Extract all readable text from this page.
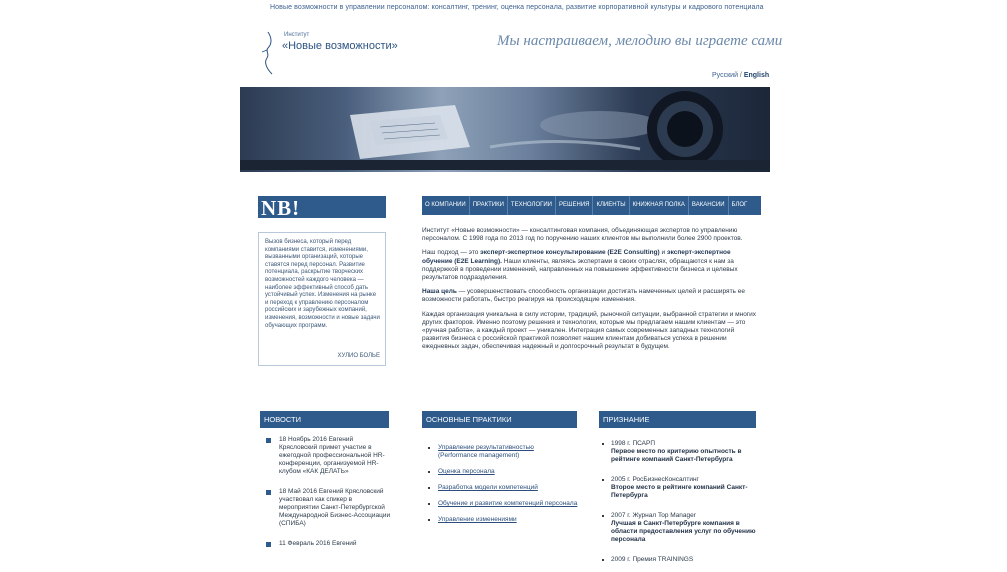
Новые возможности в управлении персоналом: консалтинг, тренинг, оценка персонала, развитие корпоративной культуры и кадрового потенциала
Институт
«Новые возможности»	Мы настраиваем, мелодию вы играете сами
Русский / English
NB!
Вызов бизнеса, который перед компаниями ставится, изменениями, вызванными организаций, которые ставятся перед персонал. Развитие потенциала, раскрытие творческих возможностей каждого человека — наиболее эффективный способ дать устойчивый успех. Изменения на рынке и переход к управлению персоналом российских и зарубежных компаний, изменения, возможности и новые задачи обучающих программ.
ХУЛИО БОЛЬЕ
О КОМПАНИИ	ПРАКТИКИ	ТЕХНОЛОГИИ	РЕШЕНИЯ	КЛИЕНТЫ	КНИЖНАЯ ПОЛКА	ВАКАНСИИ	БЛОГ

Институт «Новые возможности» — консалтинговая компания, объединяющая экспертов по управлению персоналом. С 1998 года по 2013 год по поручению наших клиентов мы выполнили более 2900 проектов.

Наш подход — это эксперт-экспертное консультирование (E2E Consulting) и эксперт-экспертное обучение (E2E Learning). Наши клиенты, являясь экспертами в своих отраслях, обращаются к нам за поддержкой в проведении изменений, направленных на повышение эффективности бизнеса и целевых результатов подразделения.

Наша цель — усовершенствовать способность организации достигать намеченных целей и расширять ее возможности работать, быстро реагируя на происходящие изменения.

Каждая организация уникальна в силу истории, традиций, рыночной ситуации, выбранной стратегии и многих других факторов. Именно поэтому решения и технологии, которые мы предлагаем нашим клиентам — это «ручная работа», а каждый проект — уникален. Интеграция самых современных западных технологий развития бизнеса с российской практикой позволяет нашим клиентам добиваться успеха в решении ежедневных задач, обеспечивая надежный и долгосрочный результат в будущем.

НОВОСТИ	ОСНОВНЫЕ ПРАКТИКИ	ПРИЗНАНИЕ
18 Ноябрь 2016 Евгений Крясловский примет участие в ежегодной профессиональной HR-конференции, организуемой HR-клубом «КАК ДЕЛАТЬ»
18 Май 2016 Евгений Крясловский участвовал как спикер в мероприятии Санкт-Петербургской Международной Бизнес-Ассоциации (СПИБА)
11 Февраль 2016 Евгений
Управление результативностью
(Performance management)
Оценка персонала
Разработка модели компетенций
Обучение и развитие компетенций персонала
Управление изменениями
1998 г. ПСАРП
Первое место по критерию опытность в рейтинге компаний Санкт-Петербурга
2005 г. РосБизнесКонсалтинг
Второе место в рейтинге компаний Санкт-Петербурга
2007 г. Журнал Top Manager
Лучшая в Санкт-Петербурге компания в области предоставления услуг по обучению персонала
2009 г. Премия TRAININGS
